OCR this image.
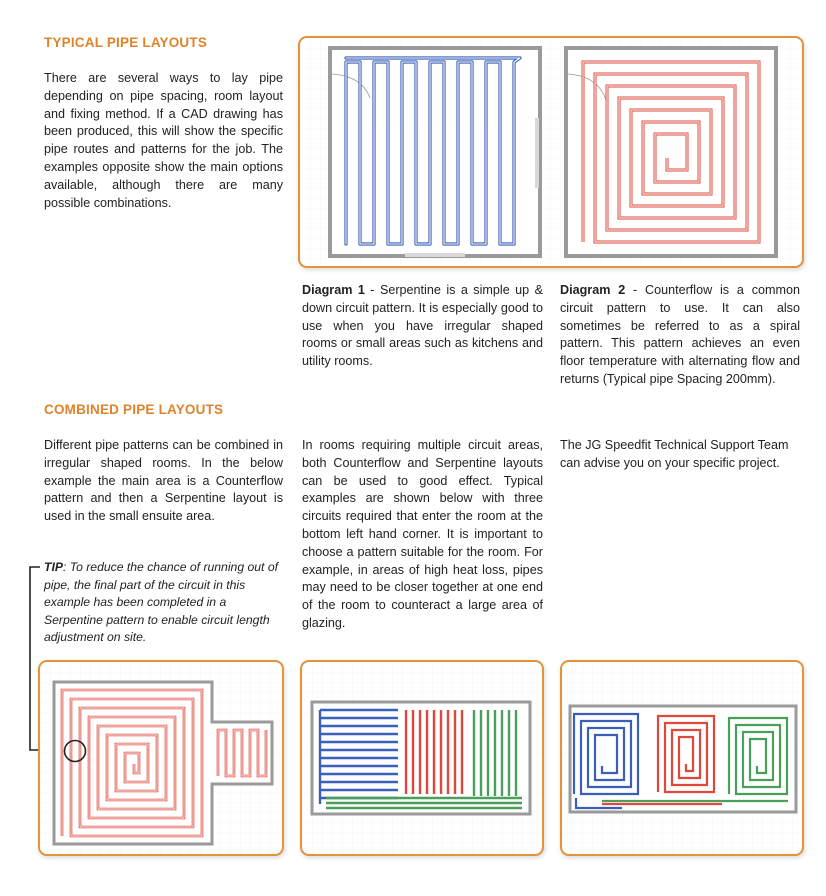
TYPICAL PIPE LAYOUTS
There are several ways to lay pipe depending on pipe spacing, room layout and fixing method. If a CAD drawing has been produced, this will show the specific pipe routes and patterns for the job. The examples opposite show the main options available, although there are many possible combinations.
Diagram 1 - Serpentine is a simple up & down circuit pattern. It is especially good to use when you have irregular shaped rooms or small areas such as kitchens and utility rooms.
Diagram 2 - Counterflow is a common circuit pattern to use. It can also sometimes be referred to as a spiral pattern. This pattern achieves an even floor temperature with alternating flow and returns (Typical pipe Spacing 200mm).
COMBINED PIPE LAYOUTS
Different pipe patterns can be combined in irregular shaped rooms. In the below example the main area is a Counterflow pattern and then a Serpentine layout is used in the small ensuite area.
In rooms requiring multiple circuit areas, both Counterflow and Serpentine layouts can be used to good effect. Typical examples are shown below with three circuits required that enter the room at the bottom left hand corner. It is important to choose a pattern suitable for the room. For example, in areas of high heat loss, pipes may need to be closer together at one end of the room to counteract a large area of glazing.
The JG Speedfit Technical Support Team can advise you on your specific project.
TIP: To reduce the chance of running out of pipe, the final part of the circuit in this example has been completed in a Serpentine pattern to enable circuit length adjustment on site.
